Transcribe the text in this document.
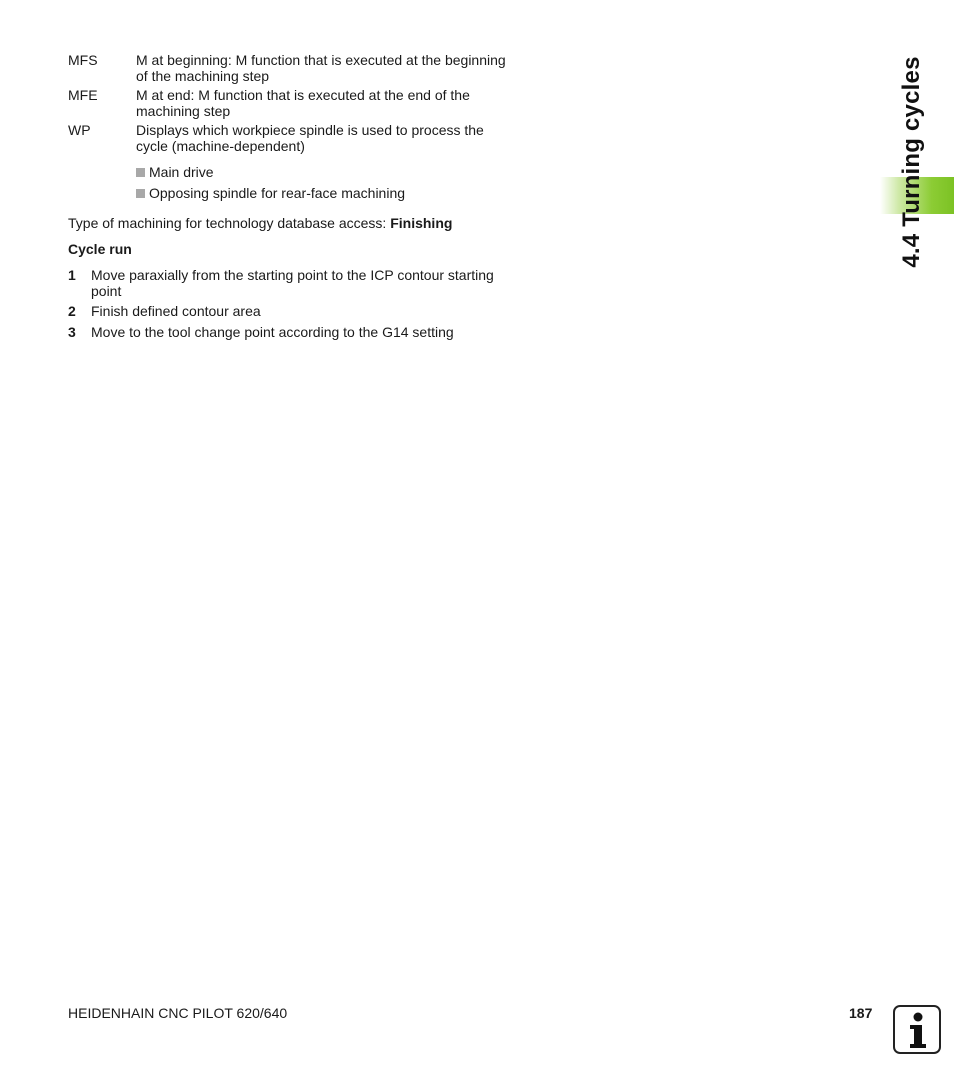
MFS	M at beginning: M function that is executed at the beginning of the machining step
MFE	M at end: M function that is executed at the end of the machining step
WP	Displays which workpiece spindle is used to process the cycle (machine-dependent)
Main drive
Opposing spindle for rear-face machining
Type of machining for technology database access: Finishing
Cycle run
1	Move paraxially from the starting point to the ICP contour starting point
2	Finish defined contour area
3	Move to the tool change point according to the G14 setting
4.4 Turning cycles
HEIDENHAIN CNC PILOT 620/640	187
